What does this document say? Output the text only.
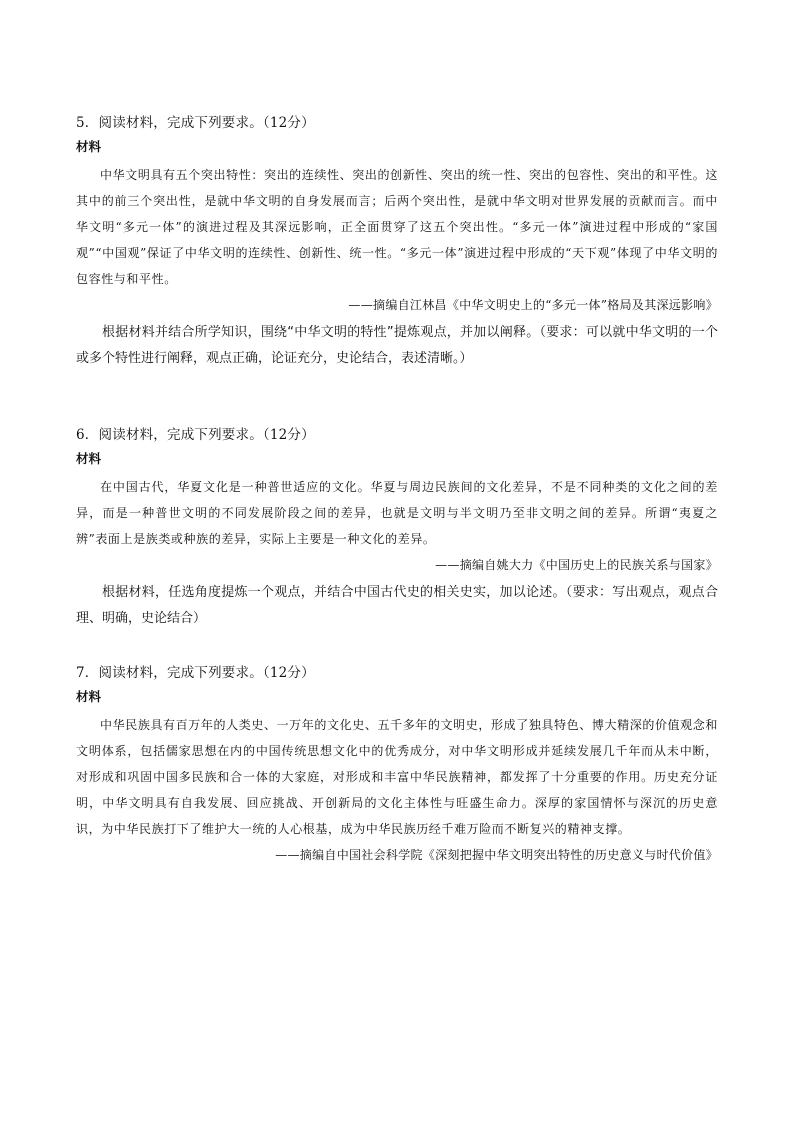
5．阅读材料，完成下列要求。（12分）

材料

中华文明具有五个突出特性：突出的连续性、突出的创新性、突出的统一性、突出的包容性、突出的和平性。这其中的前三个突出性，是就中华文明的自身发展而言；后两个突出性，是就中华文明对世界发展的贡献而言。而中华文明“多元一体”的演进过程及其深远影响，正全面贯穿了这五个突出性。“多元一体”演进过程中形成的“家国观”“中国观”保证了中华文明的连续性、创新性、统一性。“多元一体”演进过程中形成的“天下观”体现了中华文明的包容性与和平性。

——摘编自江林昌《中华文明史上的“多元一体”格局及其深远影响》

根据材料并结合所学知识，围绕“中华文明的特性”提炼观点，并加以阐释。（要求：可以就中华文明的一个或多个特性进行阐释，观点正确，论证充分，史论结合，表述清晰。）

6．阅读材料，完成下列要求。（12分）

材料

在中国古代，华夏文化是一种普世适应的文化。华夏与周边民族间的文化差异，不是不同种类的文化之间的差异，而是一种普世文明的不同发展阶段之间的差异，也就是文明与半文明乃至非文明之间的差异。所谓“夷夏之辨”表面上是族类或种族的差异，实际上主要是一种文化的差异。

——摘编自姚大力《中国历史上的民族关系与国家》

根据材料，任选角度提炼一个观点，并结合中国古代史的相关史实，加以论述。（要求：写出观点，观点合理、明确，史论结合）

7．阅读材料，完成下列要求。（12分）

材料

中华民族具有百万年的人类史、一万年的文化史、五千多年的文明史，形成了独具特色、博大精深的价值观念和文明体系，包括儒家思想在内的中国传统思想文化中的优秀成分，对中华文明形成并延续发展几千年而从未中断，对形成和巩固中国多民族和合一体的大家庭，对形成和丰富中华民族精神，都发挥了十分重要的作用。历史充分证明，中华文明具有自我发展、回应挑战、开创新局的文化主体性与旺盛生命力。深厚的家国情怀与深沉的历史意识，为中华民族打下了维护大一统的人心根基，成为中华民族历经千难万险而不断复兴的精神支撑。

——摘编自中国社会科学院《深刻把握中华文明突出特性的历史意义与时代价值》
